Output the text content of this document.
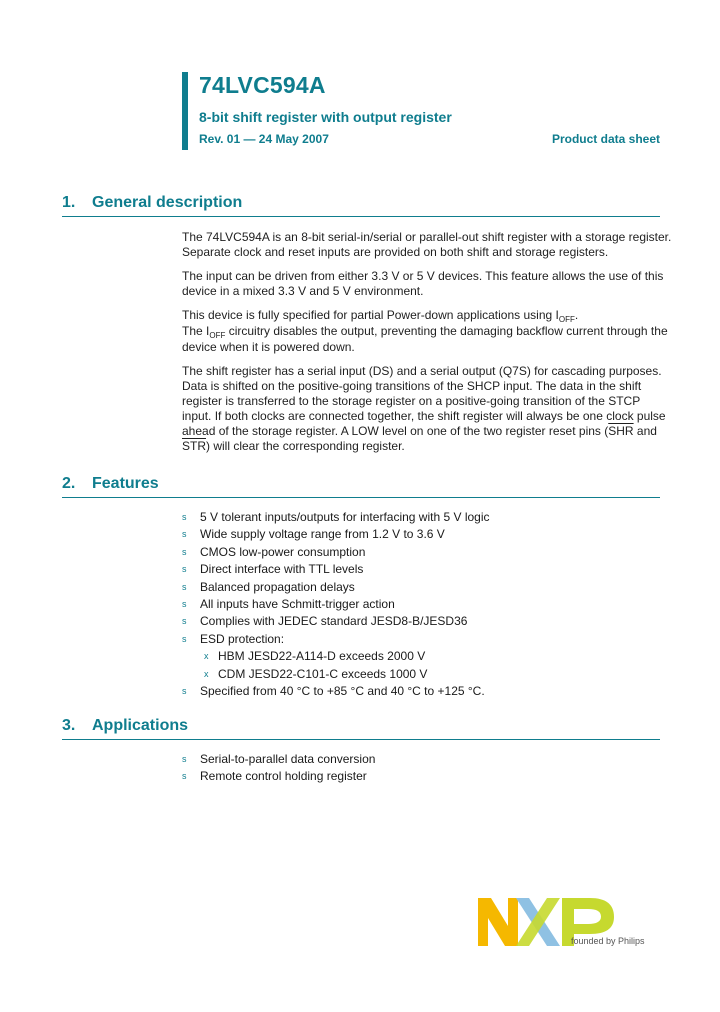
74LVC594A
8-bit shift register with output register
Rev. 01 — 24 May 2007	Product data sheet
1. General description

The 74LVC594A is an 8-bit serial-in/serial or parallel-out shift register with a storage register. Separate clock and reset inputs are provided on both shift and storage registers.

The input can be driven from either 3.3 V or 5 V devices. This feature allows the use of this device in a mixed 3.3 V and 5 V environment.

This device is fully specified for partial Power-down applications using $I_{OFF}$.
The $I_{OFF}$ circuitry disables the output, preventing the damaging backflow current through the device when it is powered down.

The shift register has a serial input (DS) and a serial output (Q7S) for cascading purposes. Data is shifted on the positive-going transitions of the SHCP input. The data in the shift register is transferred to the storage register on a positive-going transition of the STCP input. If both clocks are connected together, the shift register will always be one clock pulse ahead of the storage register. A LOW level on one of the two register reset pins ($\overline{SHR}$ and $\overline{STR}$) will clear the corresponding register.

2. Features
s 5 V tolerant inputs/outputs for interfacing with 5 V logic
s Wide supply voltage range from 1.2 V to 3.6 V
s CMOS low-power consumption
s Direct interface with TTL levels
s Balanced propagation delays
s All inputs have Schmitt-trigger action
s Complies with JEDEC standard JESD8-B/JESD36
s ESD protection:
x HBM JESD22-A114-D exceeds 2000 V
x CDM JESD22-C101-C exceeds 1000 V
s Specified from 40 °C to +85 °C and 40 °C to +125 °C.
3. Applications
s Serial-to-parallel data conversion
s Remote control holding register
founded by Philips
